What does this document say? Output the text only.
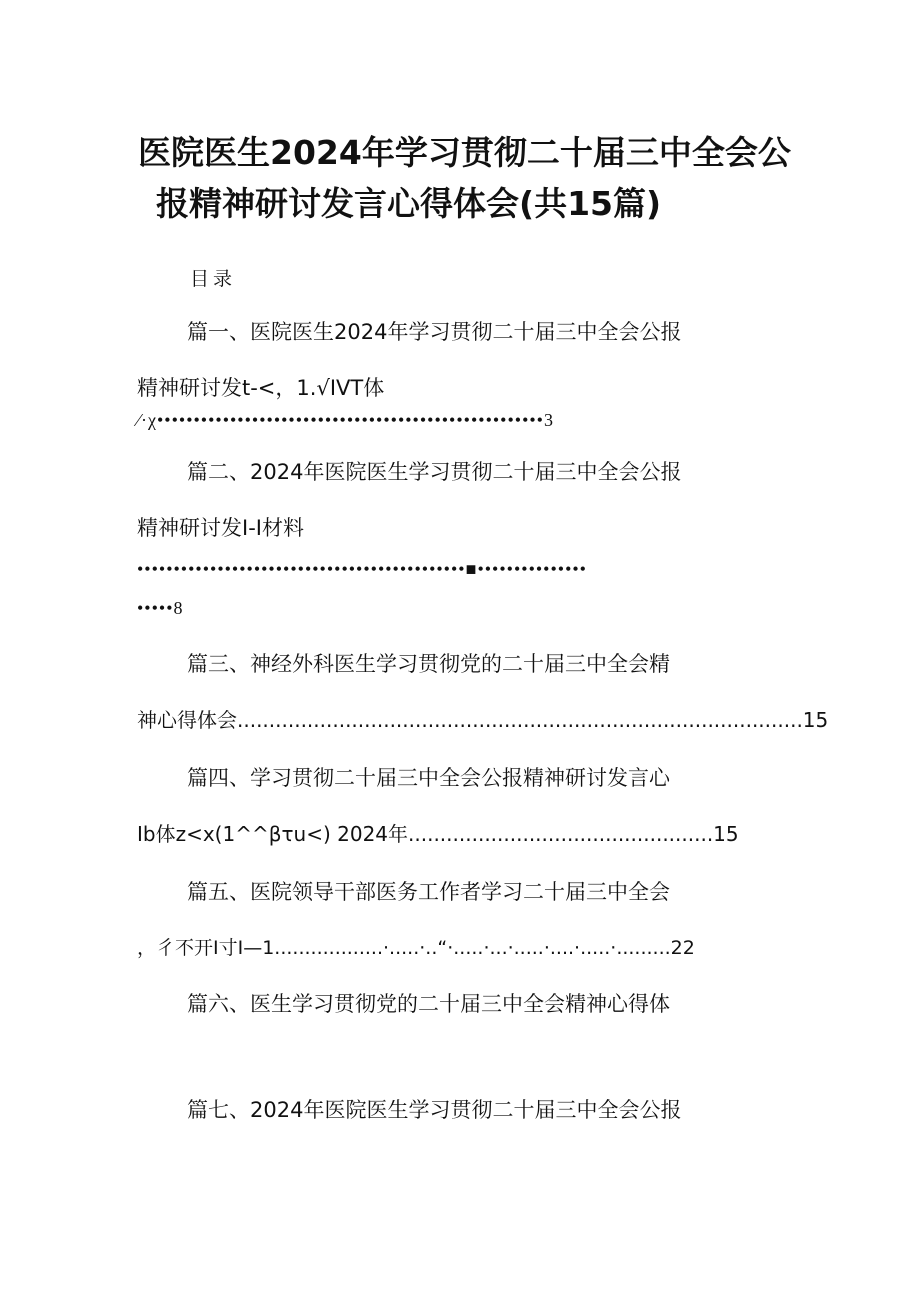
医院医生2024年学习贯彻二十届三中全会公
报精神研讨发言心得体会(共15篇)
目录
篇一、医院医生2024年学习贯彻二十届三中全会公报
精神研讨发t-<，1.√IVT体
⁄·χ•••••••••••••••••••••••••••••••••••••••••••••••••••••3
篇二、2024年医院医生学习贯彻二十届三中全会公报
精神研讨发I-I材料
•••••••••••••••••••••••••••••••••••••••••••••■•••••••••••••••
•••••8
篇三、神经外科医生学习贯彻党的二十届三中全会精
神心得体会.........................................................................................15
篇四、学习贯彻二十届三中全会公报精神研讨发言心
Ib体z<x(1^^βτu<) 2024年................................................15
篇五、医院领导干部医务工作者学习二十届三中全会
，彳不开I寸I—1..................·.....·..“·.....·...·.....·....·.....·.........22
篇六、医生学习贯彻党的二十届三中全会精神心得体
篇七、2024年医院医生学习贯彻二十届三中全会公报
